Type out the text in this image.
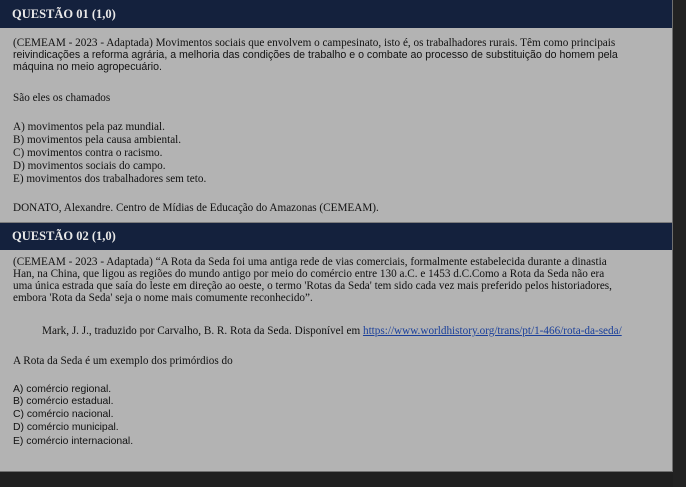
QUESTÃO 01 (1,0)

(CEMEAM - 2023 - Adaptada) Movimentos sociais que envolvem o campesinato, isto é, os trabalhadores rurais. Têm como principais

reivindicações a reforma agrária, a melhoria das condições de trabalho e o combate ao processo de substituição do homem pela

máquina no meio agropecuário.

São eles os chamados

A) movimentos pela paz mundial.

B) movimentos pela causa ambiental.

C) movimentos contra o racismo.

D) movimentos sociais do campo.

E) movimentos dos trabalhadores sem teto.

DONATO, Alexandre. Centro de Mídias de Educação do Amazonas (CEMEAM).

QUESTÃO 02 (1,0)

(CEMEAM - 2023 - Adaptada) “A Rota da Seda foi uma antiga rede de vias comerciais, formalmente estabelecida durante a dinastia

Han, na China, que ligou as regiões do mundo antigo por meio do comércio entre 130 a.C. e 1453 d.C.Como a Rota da Seda não era

uma única estrada que saía do leste em direção ao oeste, o termo 'Rotas da Seda' tem sido cada vez mais preferido pelos historiadores,

embora 'Rota da Seda' seja o nome mais comumente reconhecido”.

Mark, J. J., traduzido por Carvalho, B. R. Rota da Seda. Disponível em https://www.worldhistory.org/trans/pt/1-466/rota-da-seda/

A Rota da Seda é um exemplo dos primórdios do

A) comércio regional.

B) comércio estadual.

C) comércio nacional.

D) comércio municipal.

E) comércio internacional.
